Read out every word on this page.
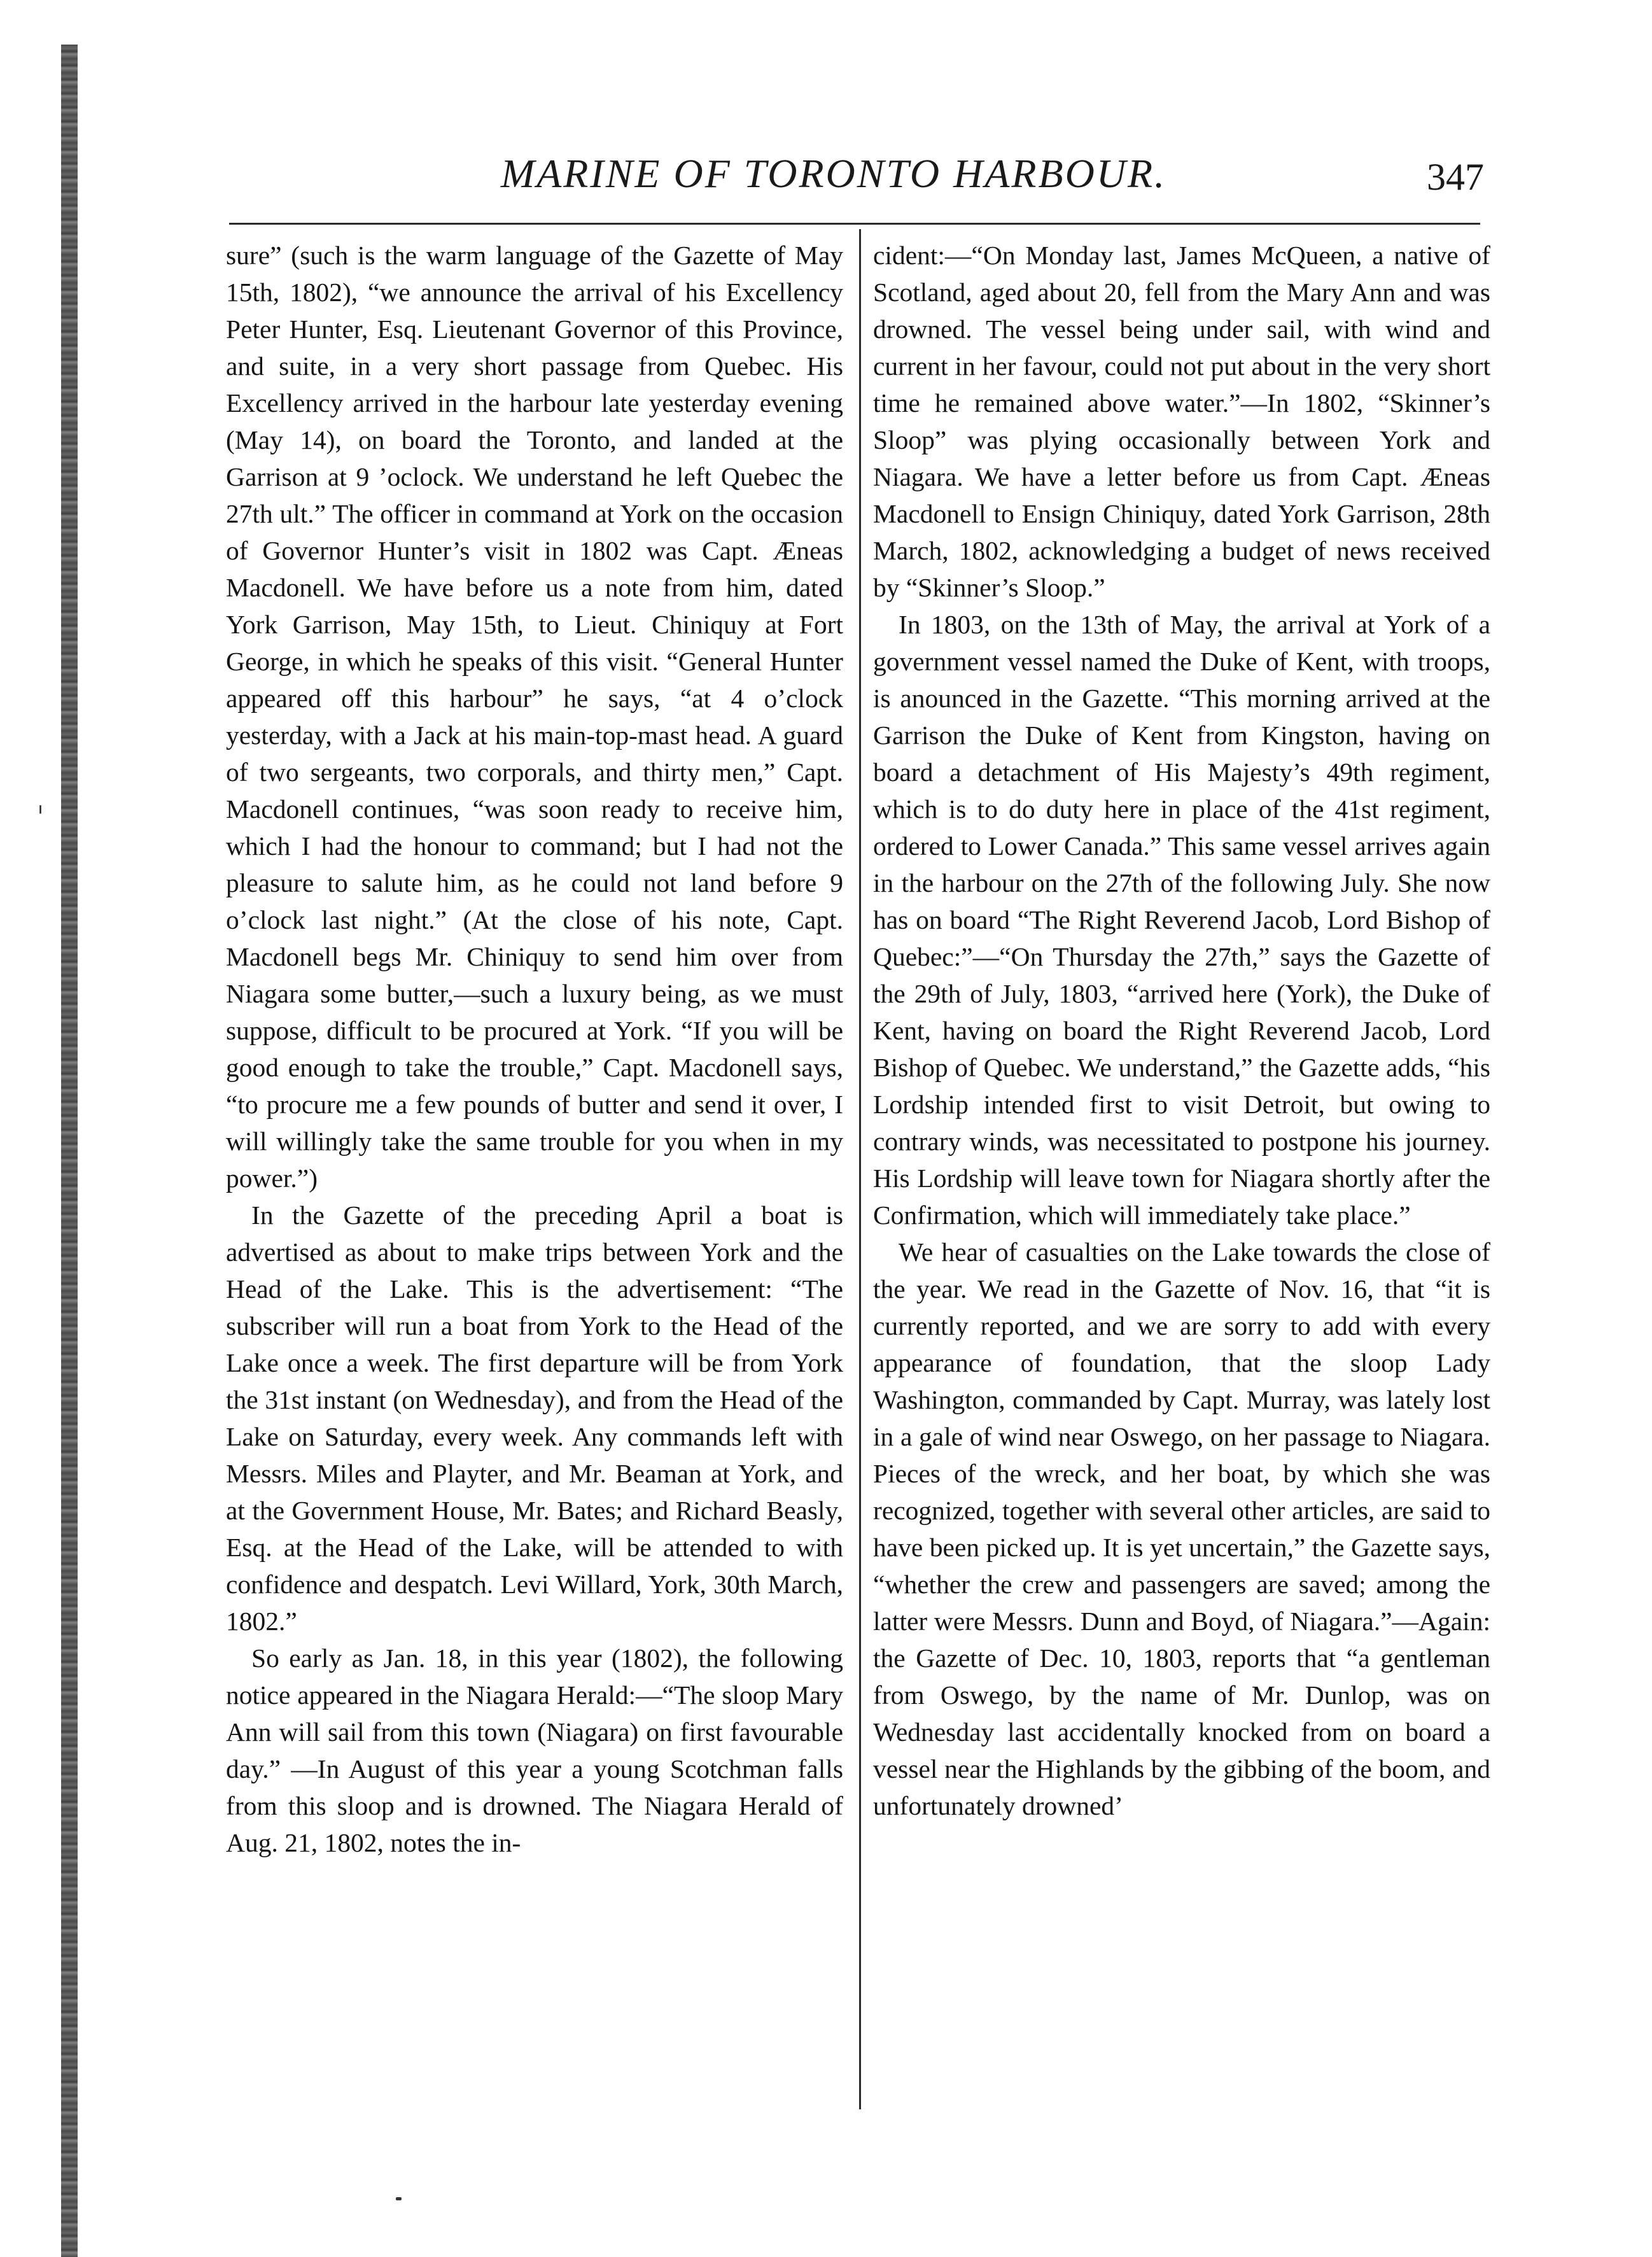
MARINE OF TORONTO HARBOUR.	347

sure” (such is the warm language of the Gazette of May 15th, 1802), “we announce the arrival of his Excellency Peter Hunter, Esq. Lieutenant Governor of this Province, and suite, in a very short passage from Quebec. His Excellency arrived in the harbour late yesterday evening (May 14), on board the Toronto, and landed at the Garrison at 9 ’oclock. We understand he left Quebec the 27th ult.” The officer in command at York on the occasion of Governor Hunter’s visit in 1802 was Capt. Æneas Macdonell. We have before us a note from him, dated York Garrison, May 15th, to Lieut. Chiniquy at Fort George, in which he speaks of this visit. “General Hunter appeared off this harbour” he says, “at 4 o’clock yesterday, with a Jack at his main-top-mast head. A guard of two sergeants, two corporals, and thirty men,” Capt. Macdonell continues, “was soon ready to receive him, which I had the honour to command; but I had not the pleasure to salute him, as he could not land before 9 o’clock last night.” (At the close of his note, Capt. Macdonell begs Mr. Chiniquy to send him over from Niagara some butter,—such a luxury being, as we must suppose, difficult to be procured at York. “If you will be good enough to take the trouble,” Capt. Macdonell says, “to procure me a few pounds of butter and send it over, I will willingly take the same trouble for you when in my power.”)

In the Gazette of the preceding April a boat is advertised as about to make trips between York and the Head of the Lake. This is the advertisement: “The subscriber will run a boat from York to the Head of the Lake once a week. The first departure will be from York the 31st instant (on Wednesday), and from the Head of the Lake on Saturday, every week. Any commands left with Messrs. Miles and Playter, and Mr. Beaman at York, and at the Government House, Mr. Bates; and Richard Beasly, Esq. at the Head of the Lake, will be attended to with confidence and despatch. Levi Willard, York, 30th March, 1802.”

So early as Jan. 18, in this year (1802), the following notice appeared in the Niagara Herald:—“The sloop Mary Ann will sail from this town (Niagara) on first favourable day.” —In August of this year a young Scotchman falls from this sloop and is drowned. The Niagara Herald of Aug. 21, 1802, notes the in-

cident:—“On Monday last, James McQueen, a native of Scotland, aged about 20, fell from the Mary Ann and was drowned. The vessel being under sail, with wind and current in her favour, could not put about in the very short time he remained above water.”—In 1802, “Skinner’s Sloop” was plying occasionally between York and Niagara. We have a letter before us from Capt. Æneas Macdonell to Ensign Chiniquy, dated York Garrison, 28th March, 1802, acknowledging a budget of news received by “Skinner’s Sloop.”

In 1803, on the 13th of May, the arrival at York of a government vessel named the Duke of Kent, with troops, is anounced in the Gazette. “This morning arrived at the Garrison the Duke of Kent from Kingston, having on board a detachment of His Majesty’s 49th regiment, which is to do duty here in place of the 41st regiment, ordered to Lower Canada.” This same vessel arrives again in the harbour on the 27th of the following July. She now has on board “The Right Reverend Jacob, Lord Bishop of Quebec:”—“On Thursday the 27th,” says the Gazette of the 29th of July, 1803, “arrived here (York), the Duke of Kent, having on board the Right Reverend Jacob, Lord Bishop of Quebec. We understand,” the Gazette adds, “his Lordship intended first to visit Detroit, but owing to contrary winds, was necessitated to postpone his journey. His Lordship will leave town for Niagara shortly after the Confirmation, which will immediately take place.”

We hear of casualties on the Lake towards the close of the year. We read in the Gazette of Nov. 16, that “it is currently reported, and we are sorry to add with every appearance of foundation, that the sloop Lady Washington, commanded by Capt. Murray, was lately lost in a gale of wind near Oswego, on her passage to Niagara. Pieces of the wreck, and her boat, by which she was recognized, together with several other articles, are said to have been picked up. It is yet uncertain,” the Gazette says, “whether the crew and passengers are saved; among the latter were Messrs. Dunn and Boyd, of Niagara.”—Again: the Gazette of Dec. 10, 1803, reports that “a gentleman from Oswego, by the name of Mr. Dunlop, was on Wednesday last accidentally knocked from on board a vessel near the Highlands by the gibbing of the boom, and unfortunately drowned’
